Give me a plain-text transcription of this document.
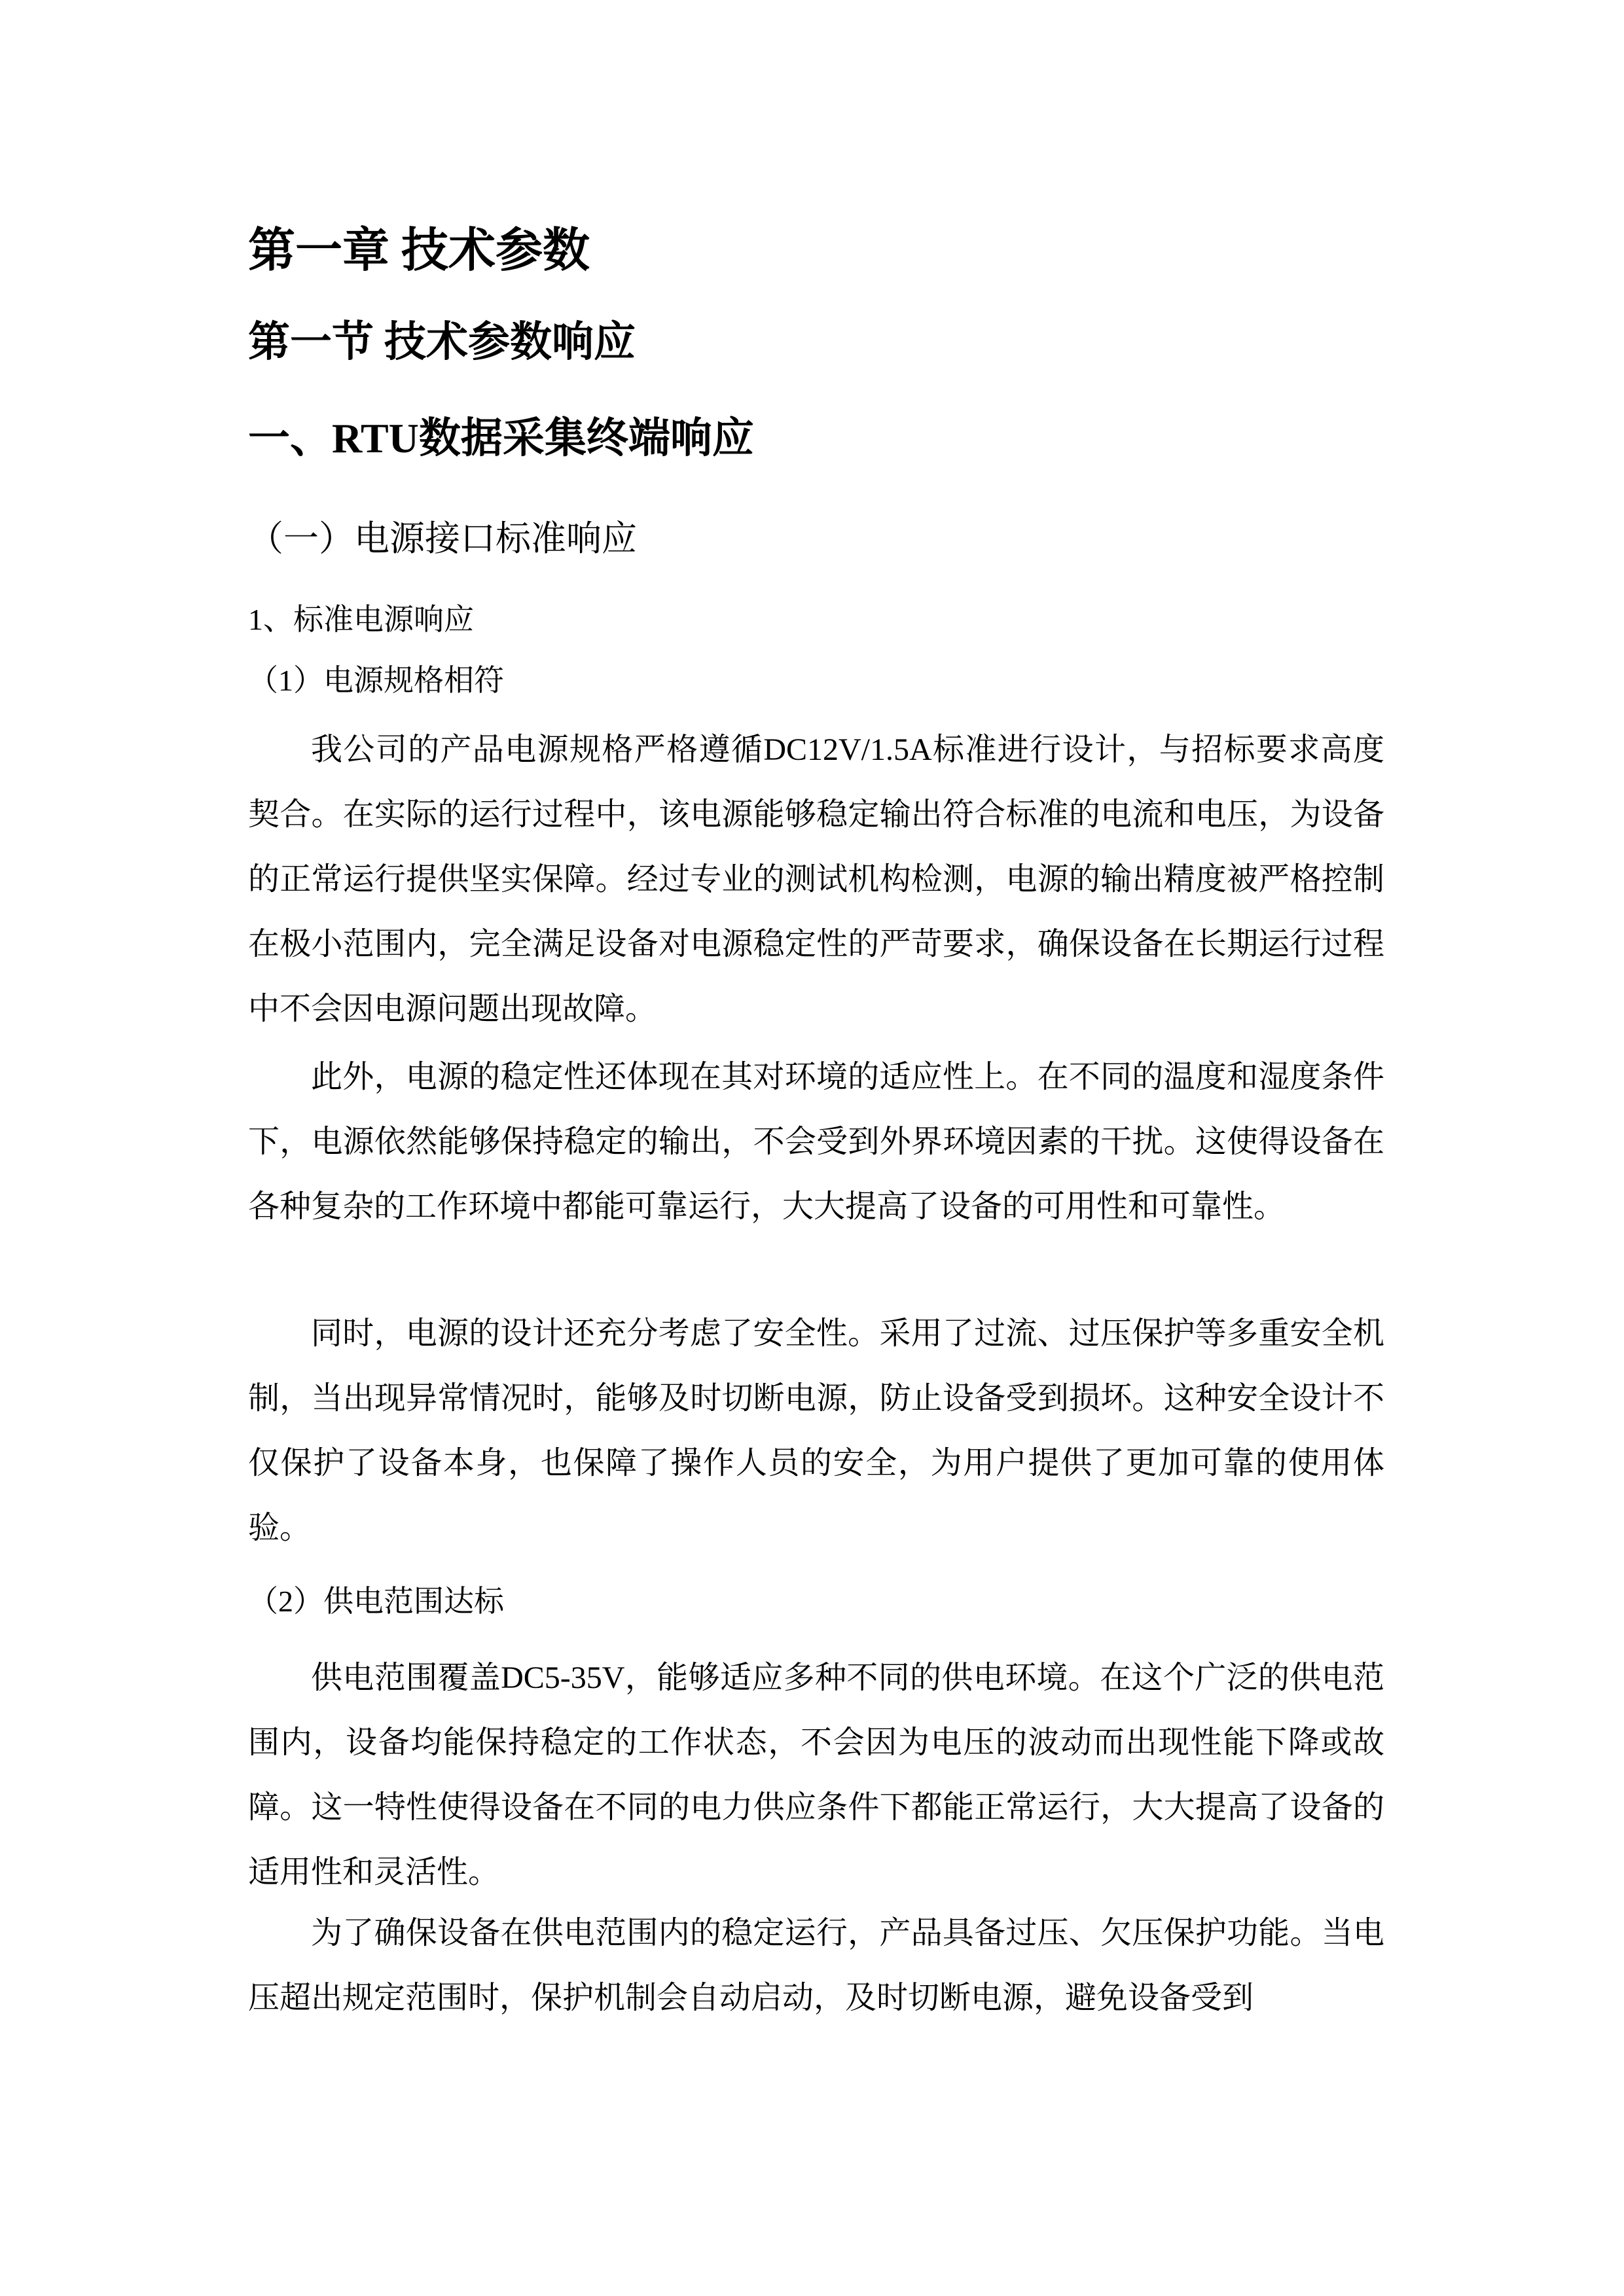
第一章 技术参数
第一节 技术参数响应
一、RTU数据采集终端响应
（一）电源接口标准响应
1、标准电源响应
（1）电源规格相符

我公司的产品电源规格严格遵循DC12V/1.5A标准进行设计，与招标要求高度契合。在实际的运行过程中，该电源能够稳定输出符合标准的电流和电压，为设备的正常运行提供坚实保障。经过专业的测试机构检测，电源的输出精度被严格控制在极小范围内，完全满足设备对电源稳定性的严苛要求，确保设备在长期运行过程中不会因电源问题出现故障。

此外，电源的稳定性还体现在其对环境的适应性上。在不同的温度和湿度条件下，电源依然能够保持稳定的输出，不会受到外界环境因素的干扰。这使得设备在各种复杂的工作环境中都能可靠运行，大大提高了设备的可用性和可靠性。

同时，电源的设计还充分考虑了安全性。采用了过流、过压保护等多重安全机制，当出现异常情况时，能够及时切断电源，防止设备受到损坏。这种安全设计不仅保护了设备本身，也保障了操作人员的安全，为用户提供了更加可靠的使用体验。

（2）供电范围达标

供电范围覆盖DC5-35V，能够适应多种不同的供电环境。在这个广泛的供电范围内，设备均能保持稳定的工作状态，不会因为电压的波动而出现性能下降或故障。这一特性使得设备在不同的电力供应条件下都能正常运行，大大提高了设备的适用性和灵活性。

为了确保设备在供电范围内的稳定运行，产品具备过压、欠压保护功能。当电压超出规定范围时，保护机制会自动启动，及时切断电源，避免设备受到
